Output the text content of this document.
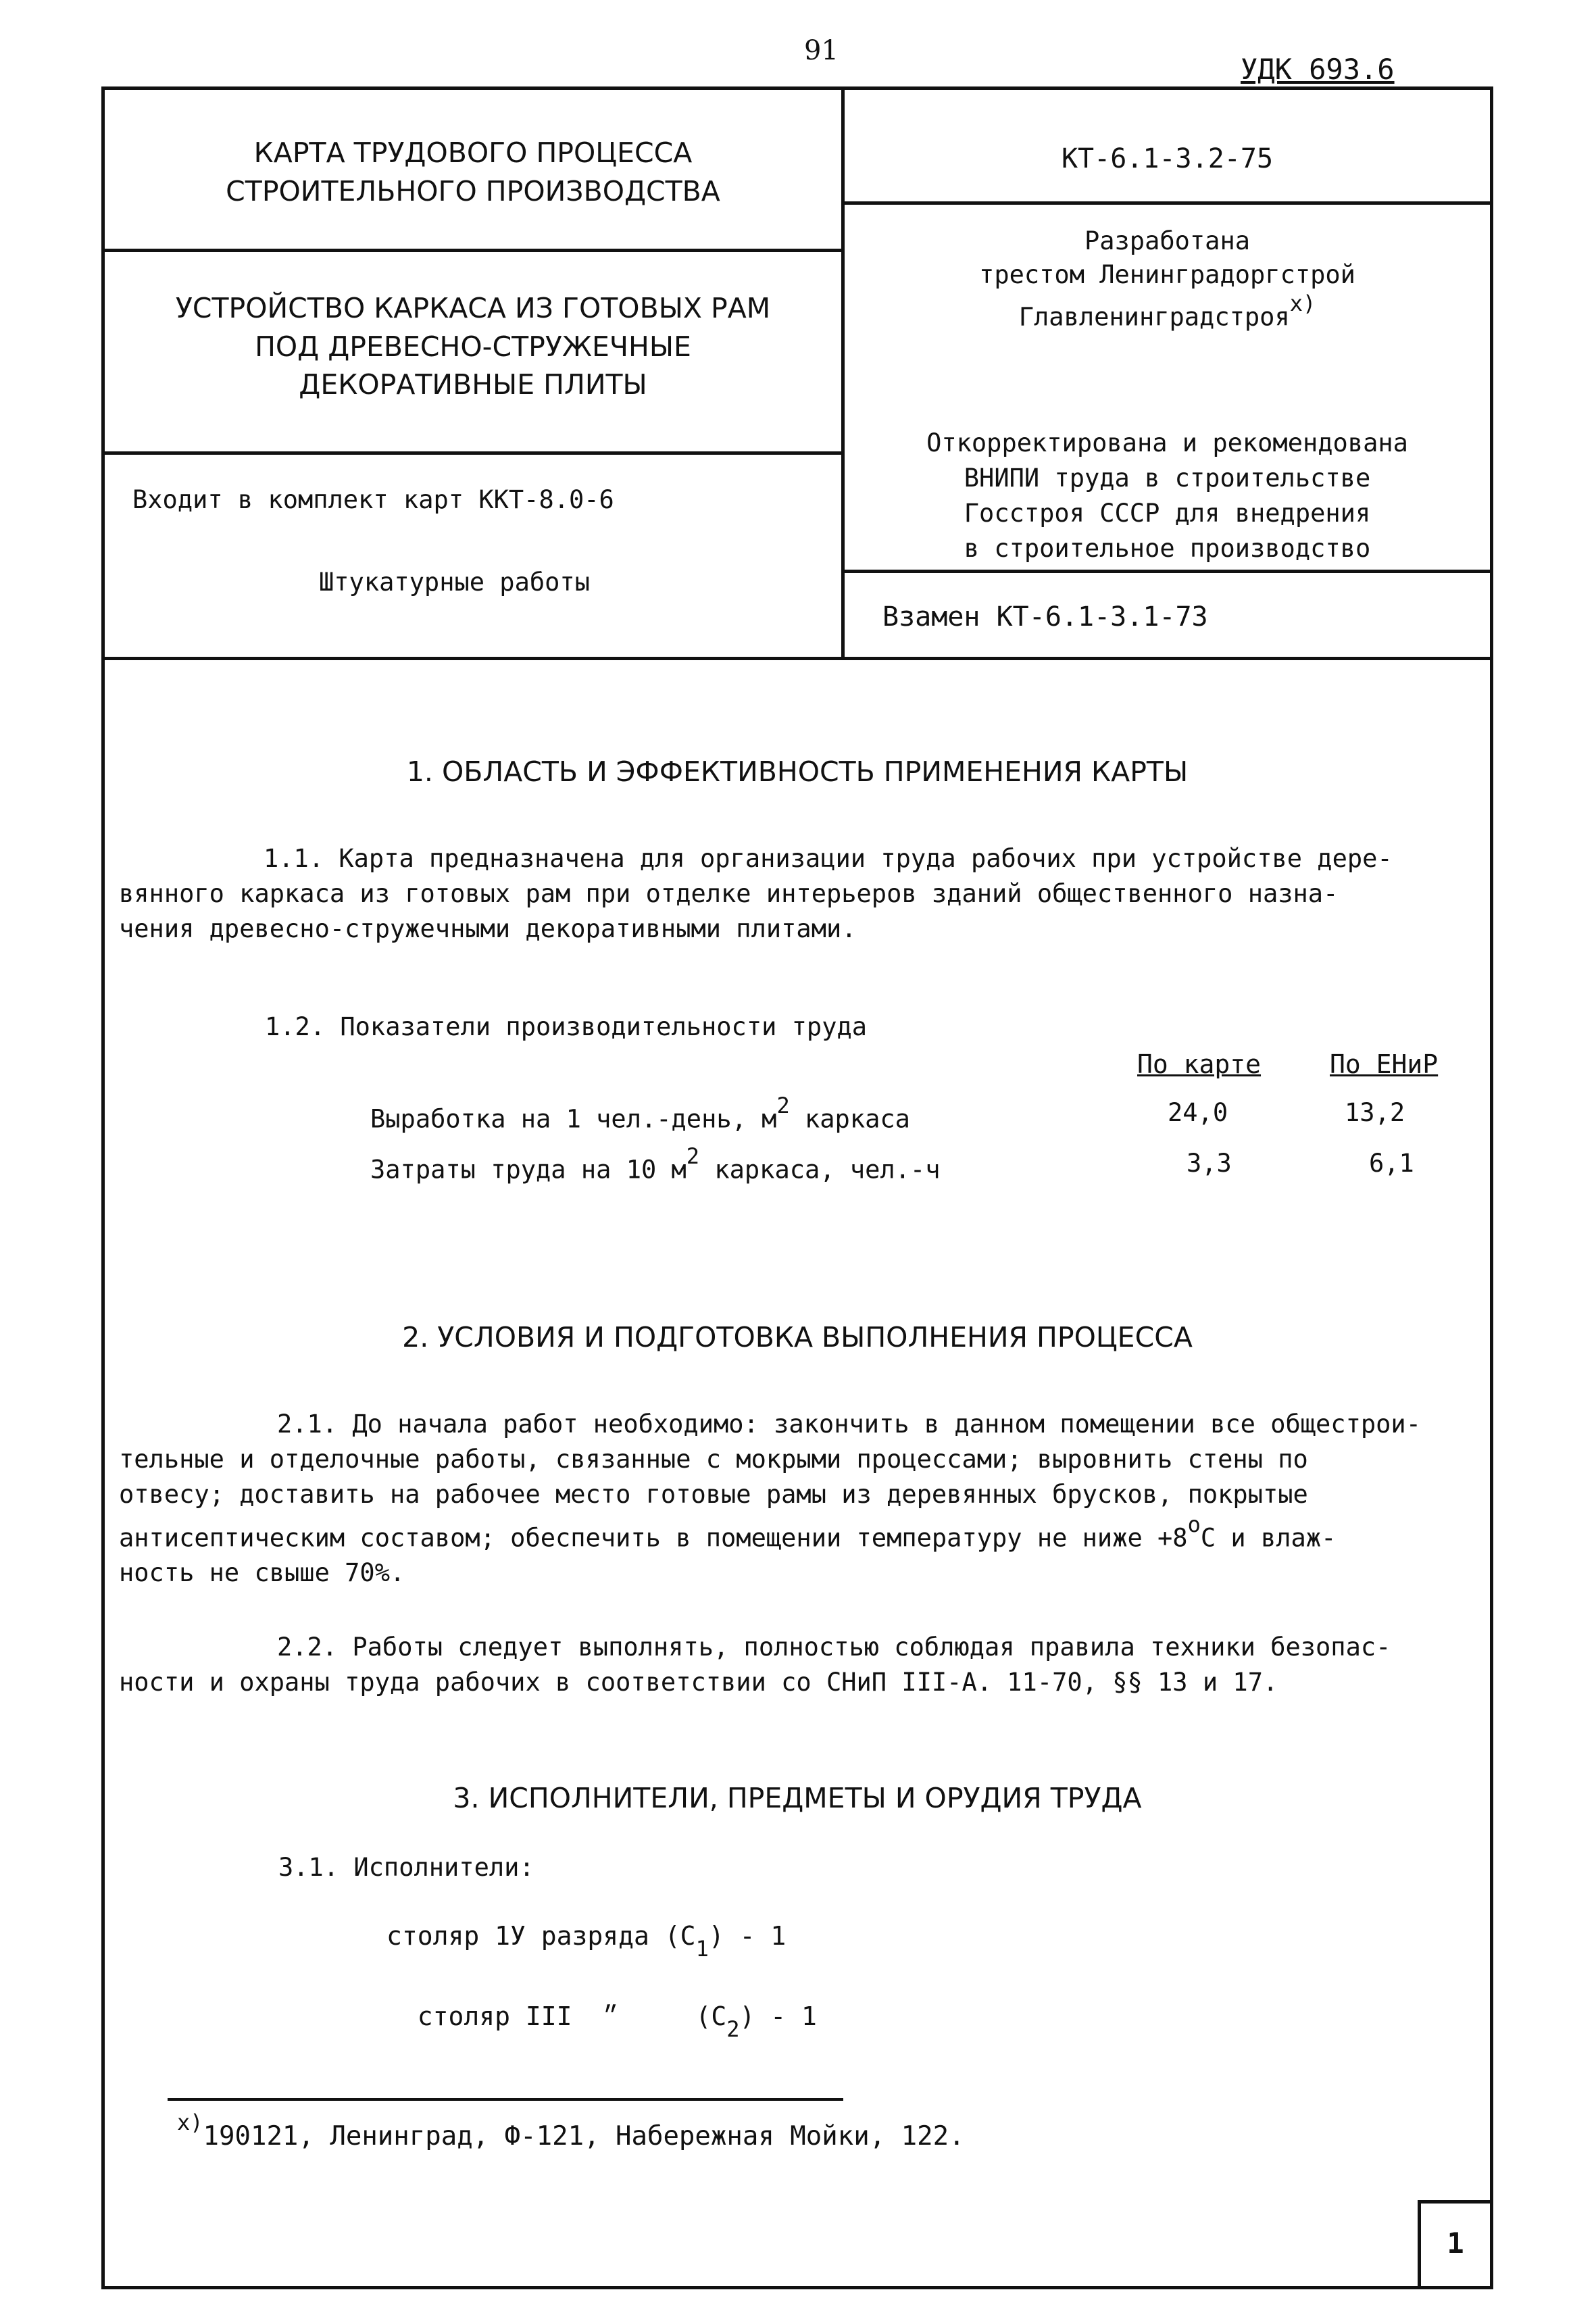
91
УДК 693.6
КАРТА ТРУДОВОГО ПРОЦЕССА
СТРОИТЕЛЬНОГО ПРОИЗВОДСТВА
КТ-6.1-3.2-75
УСТРОЙСТВО КАРКАСА ИЗ ГОТОВЫХ РАМ
ПОД ДРЕВЕСНО-СТРУЖЕЧНЫЕ
ДЕКОРАТИВНЫЕ ПЛИТЫ
Разработана
трестом Ленинградоргстрой
Главленинградстроя$^{x)}$
Входит в комплект карт ККТ-8.0-6
Штукатурные работы
Откорректирована и рекомендована
ВНИПИ труда в строительстве
Госстроя СССР для внедрения
в строительное производство
Взамен КТ-6.1-3.1-73
1. ОБЛАСТЬ И ЭФФЕКТИВНОСТЬ ПРИМЕНЕНИЯ КАРТЫ
1.1. Карта предназначена для организации труда рабочих при устройстве дере-
вянного каркаса из готовых рам при отделке интерьеров зданий общественного назна-
чения древесно-стружечными декоративными плитами.
1.2. Показатели производительности труда
По карте	По ЕНиР
Выработка на 1 чел.-день, $м^2$ каркаса	24,0	13,2
Затраты труда на 10 $м^2$ каркаса, чел.-ч	3,3	6,1
2. УСЛОВИЯ И ПОДГОТОВКА ВЫПОЛНЕНИЯ ПРОЦЕССА
2.1. До начала работ необходимо: закончить в данном помещении все общестрои-
тельные и отделочные работы, связанные с мокрыми процессами; выровнить стены по
отвесу; доставить на рабочее место готовые рамы из деревянных брусков, покрытые
антисептическим составом; обеспечить в помещении температуру не ниже $+8^оС$ и влаж-
ность не свыше 70%.
2.2. Работы следует выполнять, полностью соблюдая правила техники безопас-
ности и охраны труда рабочих в соответствии со СНиП III-А. 11-70, §§ 13 и 17.
3. ИСПОЛНИТЕЛИ, ПРЕДМЕТЫ И ОРУДИЯ ТРУДА
3.1. Исполнители:
столяр 1У разряда $(С_1) - 1$

столяр III  ״     $(С_2) - 1$

$^{x)}$190121, Ленинград, Ф-121, Набережная Мойки, 122.
1
